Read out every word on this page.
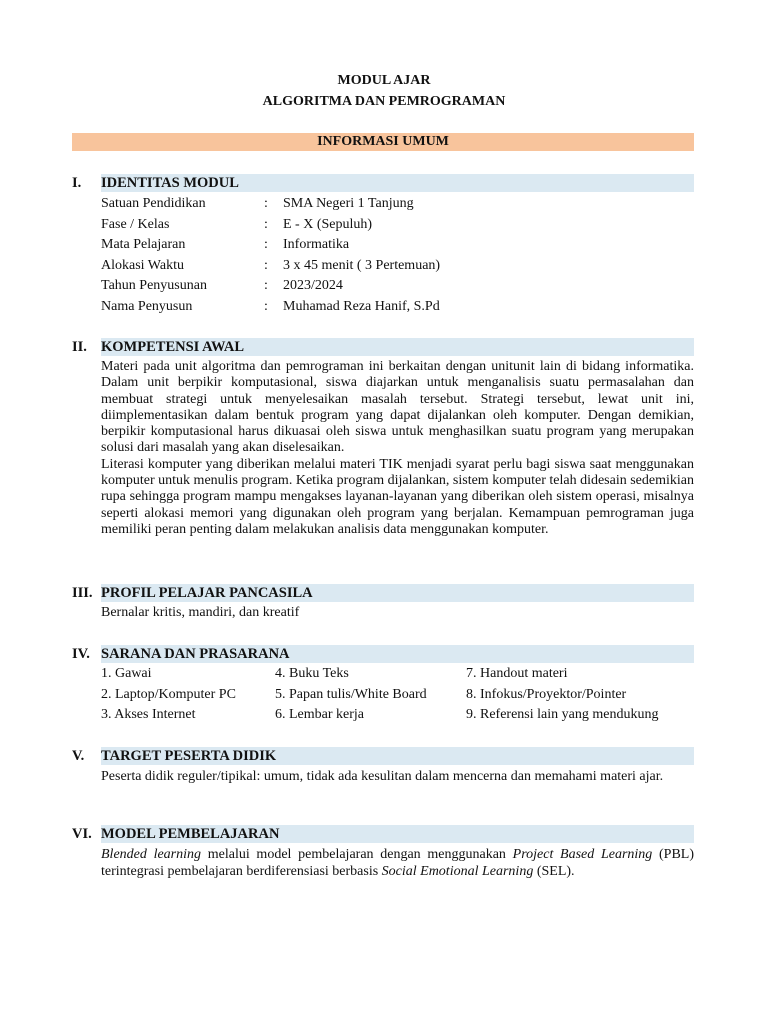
MODUL AJAR
ALGORITMA DAN PEMROGRAMAN
INFORMASI UMUM
I. IDENTITAS MODUL
Satuan Pendidikan	: SMA Negeri 1 Tanjung
Fase / Kelas	: E - X (Sepuluh)
Mata Pelajaran	: Informatika
Alokasi Waktu	: 3 x 45 menit ( 3 Pertemuan)
Tahun Penyusunan	: 2023/2024
Nama Penyusun	: Muhamad Reza Hanif, S.Pd
II. KOMPETENSI AWAL

Materi pada unit algoritma dan pemrograman ini berkaitan dengan unitunit lain di bidang informatika. Dalam unit berpikir komputasional, siswa diajarkan untuk menganalisis suatu permasalahan dan membuat strategi untuk menyelesaikan masalah tersebut. Strategi tersebut, lewat unit ini, diimplementasikan dalam bentuk program yang dapat dijalankan oleh komputer. Dengan demikian, berpikir komputasional harus dikuasai oleh siswa untuk menghasilkan suatu program yang merupakan solusi dari masalah yang akan diselesaikan.

Literasi komputer yang diberikan melalui materi TIK menjadi syarat perlu bagi siswa saat menggunakan komputer untuk menulis program. Ketika program dijalankan, sistem komputer telah didesain sedemikian rupa sehingga program mampu mengakses layanan-layanan yang diberikan oleh sistem operasi, misalnya seperti alokasi memori yang digunakan oleh program yang berjalan. Kemampuan pemrograman juga memiliki peran penting dalam melakukan analisis data menggunakan komputer.

III. PROFIL PELAJAR PANCASILA
Bernalar kritis, mandiri, dan kreatif
IV. SARANA DAN PRASARANA
1. Gawai
2. Laptop/Komputer PC
3. Akses Internet
4. Buku Teks
5. Papan tulis/White Board
6. Lembar kerja
7. Handout materi
8. Infokus/Proyektor/Pointer
9. Referensi lain yang mendukung
V. TARGET PESERTA DIDIK
Peserta didik reguler/tipikal: umum, tidak ada kesulitan dalam mencerna dan memahami materi ajar.
VI. MODEL PEMBELAJARAN
Blended learning melalui model pembelajaran dengan menggunakan Project Based Learning (PBL) terintegrasi pembelajaran berdiferensiasi berbasis Social Emotional Learning (SEL).
